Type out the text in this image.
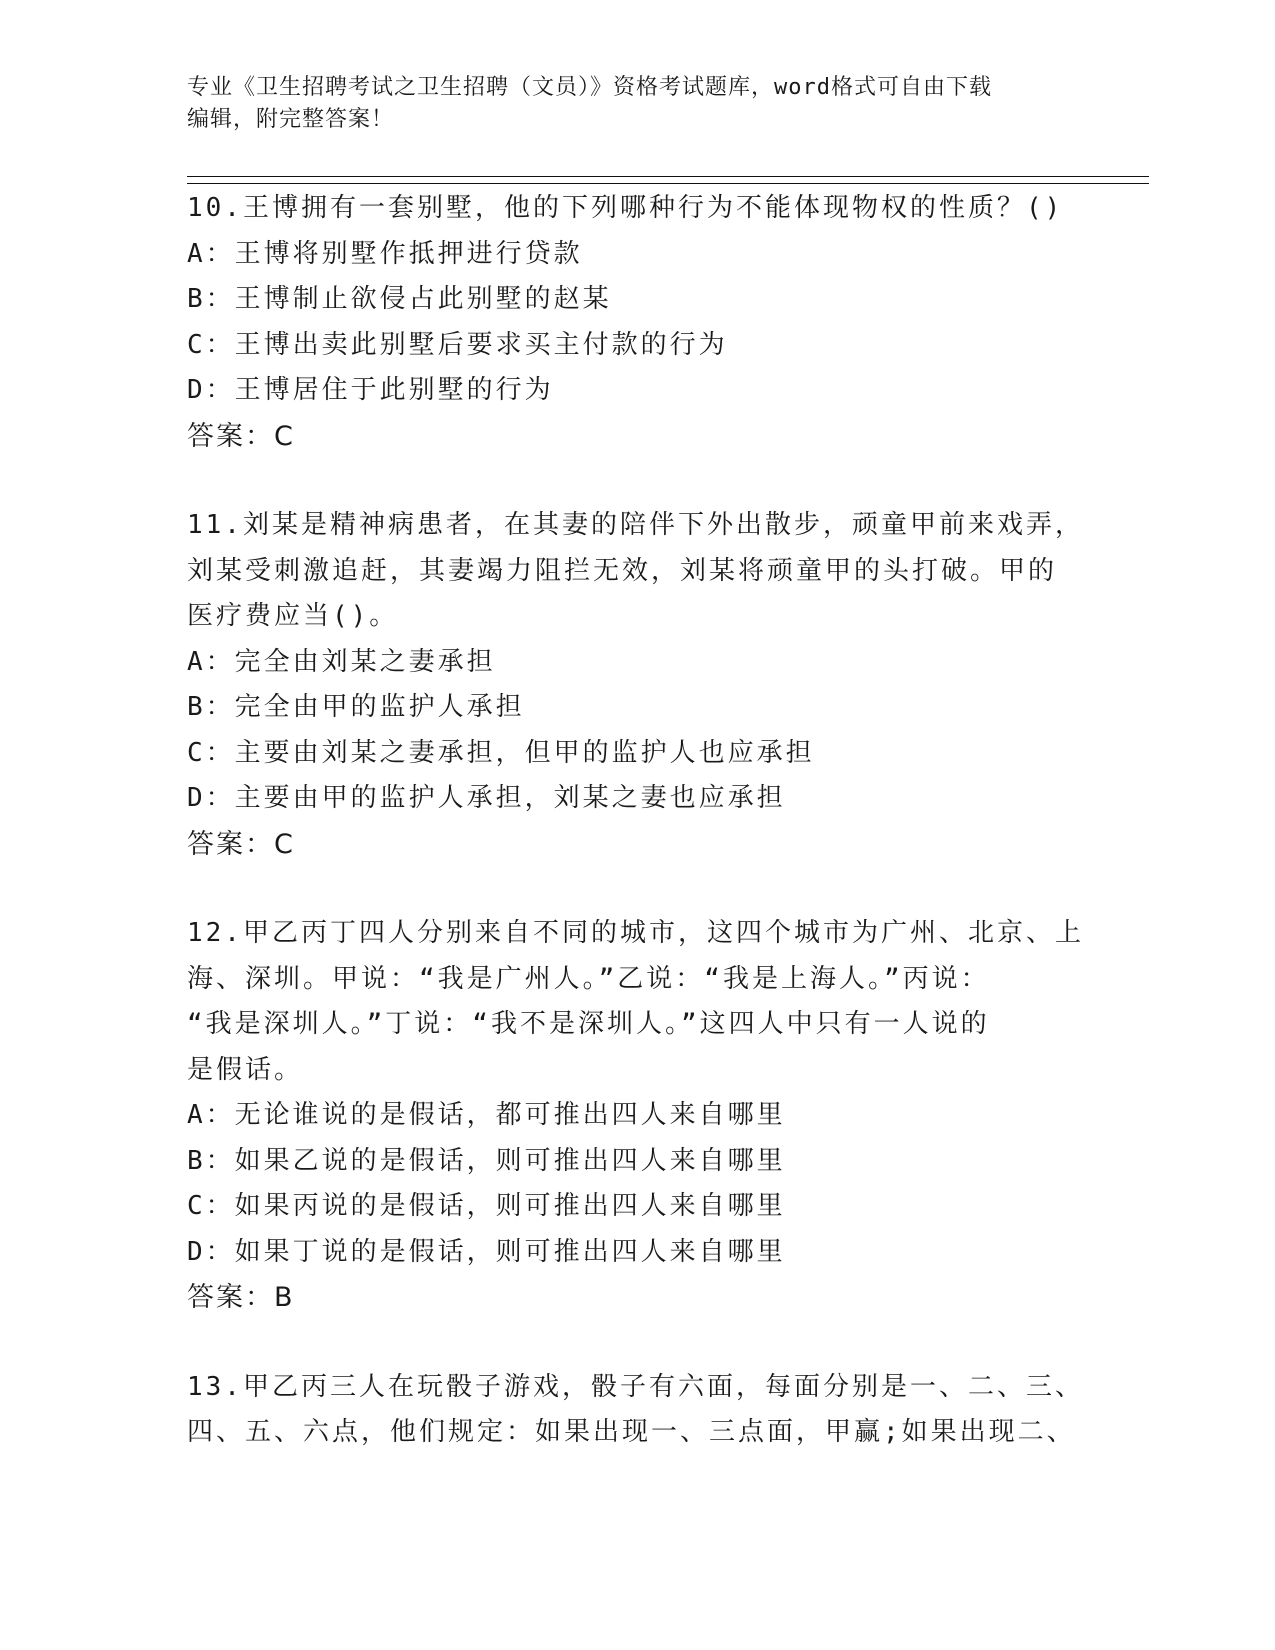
专业《卫生招聘考试之卫生招聘（文员）》资格考试题库，word格式可自由下载
编辑，附完整答案！
10.王博拥有一套别墅，他的下列哪种行为不能体现物权的性质？()
A：王博将别墅作抵押进行贷款
B：王博制止欲侵占此别墅的赵某
C：王博出卖此别墅后要求买主付款的行为
D：王博居住于此别墅的行为
答案：C
11.刘某是精神病患者，在其妻的陪伴下外出散步，顽童甲前来戏弄，
刘某受刺激追赶，其妻竭力阻拦无效，刘某将顽童甲的头打破。甲的
医疗费应当()。
A：完全由刘某之妻承担
B：完全由甲的监护人承担
C：主要由刘某之妻承担，但甲的监护人也应承担
D：主要由甲的监护人承担，刘某之妻也应承担
答案：C
12.甲乙丙丁四人分别来自不同的城市，这四个城市为广州、北京、上
海、深圳。甲说：“我是广州人。”乙说：“我是上海人。”丙说：
“我是深圳人。”丁说：“我不是深圳人。”这四人中只有一人说的
是假话。
A：无论谁说的是假话，都可推出四人来自哪里
B：如果乙说的是假话，则可推出四人来自哪里
C：如果丙说的是假话，则可推出四人来自哪里
D：如果丁说的是假话，则可推出四人来自哪里
答案：B
13.甲乙丙三人在玩骰子游戏，骰子有六面，每面分别是一、二、三、
四、五、六点，他们规定：如果出现一、三点面，甲赢;如果出现二、
